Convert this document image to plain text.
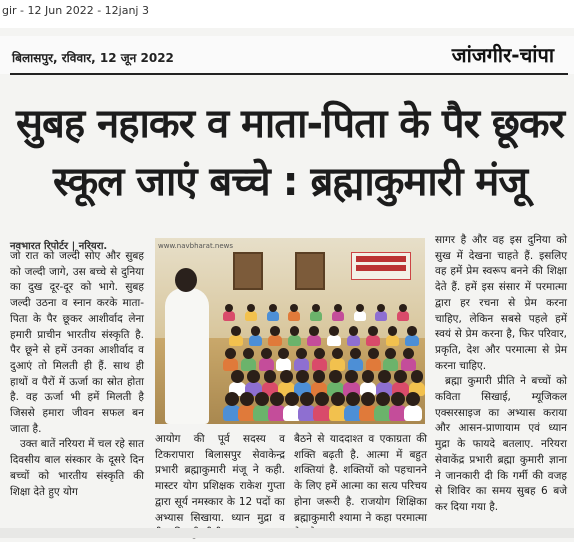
gir - 12 Jun 2022 - 12janj 3
बिलासपुर, रविवार, 12 जून 2022	जांजगीर-चांपा
सुबह नहाकर व माता-पिता के पैर छूकर
स्कूल जाएं बच्चे : ब्रह्माकुमारी मंजू
नवभारत रिपोर्टर | नरियरा.

जो रात को जल्दी सोए और सुबह को जल्दी जागे, उस बच्चे से दुनिया का दुख दूर-दूर को भागे. सुबह जल्दी उठना व स्नान करके माता-पिता के पैर छूकर आशीर्वाद लेना हमारी प्राचीन भारतीय संस्कृति है. पैर छूने से हमें उनका आशीर्वाद व दुआएं तो मिलती ही हैं. साथ ही हाथों व पैरों में ऊर्जा का स्रोत होता है. वह ऊर्जा भी हमें मिलती है जिससे हमारा जीवन सफल बन जाता है.

उक्त बातें नरियरा में चल रहे सात दिवसीय बाल संस्कार के दूसरे दिन बच्चों को भारतीय संस्कृति की शिक्षा देते हुए योग

www.navbharat.news

आयोग की पूर्व सदस्य व टिकरापारा बिलासपुर सेवाकेन्द्र प्रभारी ब्रह्माकुमारी मंजू ने कही. मास्टर योग प्रशिक्षक राकेश गुप्ता द्वारा सूर्य नमस्कार के 12 पदों का अभ्यास सिखाया. ध्यान मुद्रा व

बैठने से याददाश्त व एकाग्रता की शक्ति बढ़ती है. आत्मा में बहुत शक्तियां है. शक्तियों को पहचानने के लिए हमें आत्मा का सत्य परिचय होना जरूरी है. राजयोग शिक्षिका ब्रह्माकुमारी श्यामा ने कहा परमात्मा

सागर है और वह इस दुनिया को सुख में देखना चाहते हैं. इसलिए वह हमें प्रेम स्वरूप बनने की शिक्षा देते हैं. हमें इस संसार में परमात्मा द्वारा हर रचना से प्रेम करना चाहिए, लेकिन सबसे पहले हमें स्वयं से प्रेम करना है, फिर परिवार, प्रकृति, देश और परमात्मा से प्रेम करना चाहिए.

ब्रह्मा कुमारी प्रीति ने बच्चों को कविता सिखाई, म्यूजिकल एक्सरसाइज का अभ्यास कराया और आसन-प्राणायाम एवं ध्यान मुद्रा के फायदे बतलाए. नरियरा सेवाकेंद्र प्रभारी ब्रह्मा कुमारी ज्ञाना ने जानकारी दी कि गर्मी की वजह से शिविर का समय सुबह 6 बजे कर दिया गया है.
